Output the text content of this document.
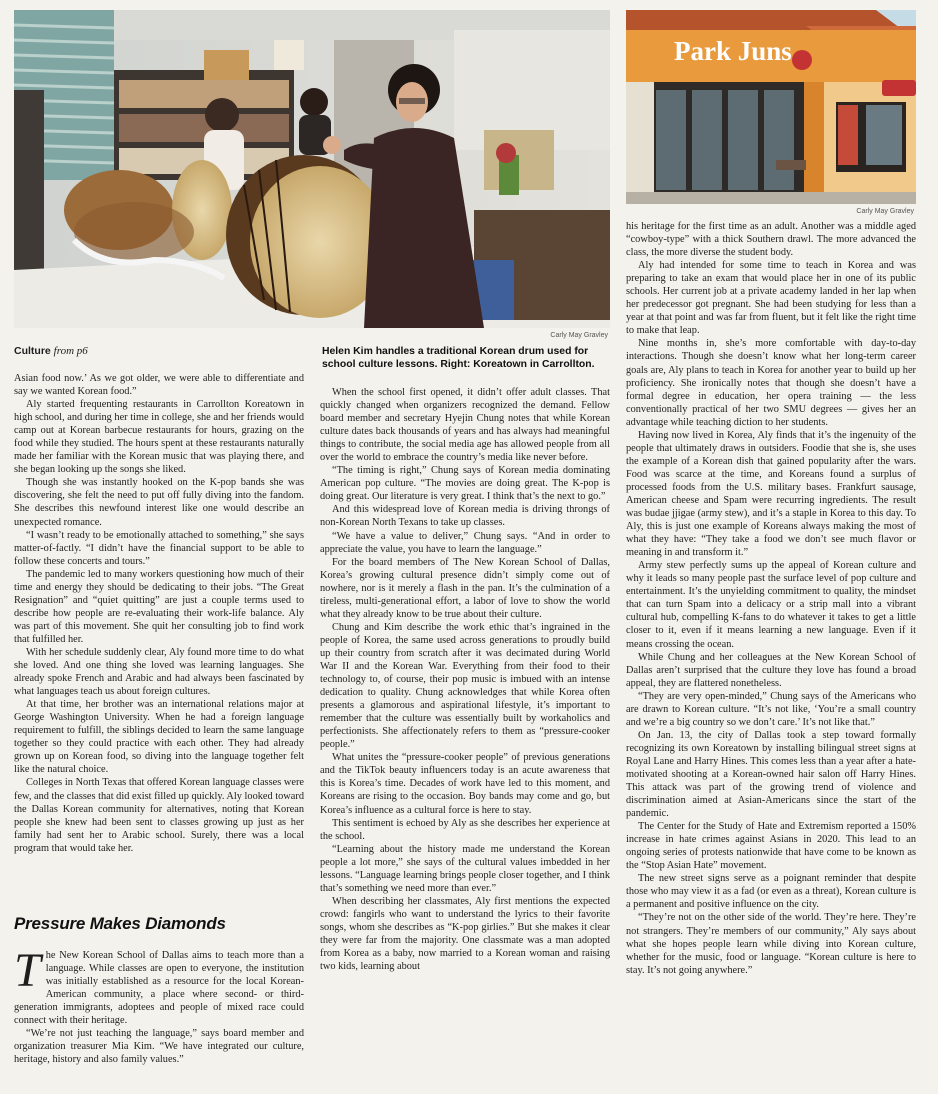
Carly May Gravley
Park Juns
Carly May Gravley
Culture from p6	Helen Kim handles a traditional Korean drum used for school culture lessons. Right: Koreatown in Carrollton.

Asian food now.’ As we got older, we were able to differentiate and say we wanted Korean food.”

Aly started frequenting restaurants in Carrollton Koreatown in high school, and during her time in college, she and her friends would camp out at Korean barbecue restaurants for hours, grazing on the food while they studied. The hours spent at these restaurants naturally made her familiar with the Korean music that was playing there, and she began looking up the songs she liked.

Though she was instantly hooked on the K-pop bands she was discovering, she felt the need to put off fully diving into the fandom. She describes this newfound interest like one would describe an unexpected romance.

“I wasn’t ready to be emotionally attached to something,” she says matter-of-factly. “I didn’t have the financial support to be able to follow these concerts and tours.”

The pandemic led to many workers questioning how much of their time and energy they should be dedicating to their jobs. “The Great Resignation” and “quiet quitting” are just a couple terms used to describe how people are re-evaluating their work-life balance. Aly was part of this movement. She quit her consulting job to find work that fulfilled her.

With her schedule suddenly clear, Aly found more time to do what she loved. And one thing she loved was learning languages. She already spoke French and Arabic and had always been fascinated by what languages teach us about foreign cultures.

At that time, her brother was an international relations major at George Washington University. When he had a foreign language requirement to fulfill, the siblings decided to learn the same language together so they could practice with each other. They had already grown up on Korean food, so diving into the language together felt like the natural choice.

Colleges in North Texas that offered Korean language classes were few, and the classes that did exist filled up quickly. Aly looked toward the Dallas Korean community for alternatives, noting that Korean people she knew had been sent to classes growing up just as her family had sent her to Arabic school. Surely, there was a local program that would take her.

Pressure Makes Diamonds

The New Korean School of Dallas aims to teach more than a language. While classes are open to everyone, the institution was initially established as a resource for the local Korean-American community, a place where second- or third-generation immigrants, adoptees and people of mixed race could connect with their heritage.

“We’re not just teaching the language,” says board member and organization treasurer Mia Kim. “We have integrated our culture, heritage, history and also family values.”

When the school first opened, it didn’t offer adult classes. That quickly changed when organizers recognized the demand. Fellow board member and secretary Hyejin Chung notes that while Korean culture dates back thousands of years and has always had meaningful things to contribute, the social media age has allowed people from all over the world to embrace the country’s media like never before.

“The timing is right,” Chung says of Korean media dominating American pop culture. “The movies are doing great. The K-pop is doing great. Our literature is very great. I think that’s the next to go.”

And this widespread love of Korean media is driving throngs of non-Korean North Texans to take up classes.

“We have a value to deliver,” Chung says. “And in order to appreciate the value, you have to learn the language.”

For the board members of The New Korean School of Dallas, Korea’s growing cultural presence didn’t simply come out of nowhere, nor is it merely a flash in the pan. It’s the culmination of a tireless, multi-generational effort, a labor of love to show the world what they already know to be true about their culture.

Chung and Kim describe the work ethic that’s ingrained in the people of Korea, the same used across generations to proudly build up their country from scratch after it was decimated during World War II and the Korean War. Everything from their food to their technology to, of course, their pop music is imbued with an intense dedication to quality. Chung acknowledges that while Korea often presents a glamorous and aspirational lifestyle, it’s important to remember that the culture was essentially built by workaholics and perfectionists. She affectionately refers to them as “pressure-cooker people.”

What unites the “pressure-cooker people” of previous generations and the TikTok beauty influencers today is an acute awareness that this is Korea’s time. Decades of work have led to this moment, and Koreans are rising to the occasion. Boy bands may come and go, but Korea’s influence as a cultural force is here to stay.

This sentiment is echoed by Aly as she describes her experience at the school.

“Learning about the history made me understand the Korean people a lot more,” she says of the cultural values imbedded in her lessons. “Language learning brings people closer together, and I think that’s something we need more than ever.”

When describing her classmates, Aly first mentions the expected crowd: fangirls who want to understand the lyrics to their favorite songs, whom she describes as “K-pop girlies.” But she makes it clear they were far from the majority. One classmate was a man adopted from Korea as a baby, now married to a Korean woman and raising two kids, learning about

his heritage for the first time as an adult. Another was a middle aged “cowboy-type” with a thick Southern drawl. The more advanced the class, the more diverse the student body.

Aly had intended for some time to teach in Korea and was preparing to take an exam that would place her in one of its public schools. Her current job at a private academy landed in her lap when her predecessor got pregnant. She had been studying for less than a year at that point and was far from fluent, but it felt like the right time to make that leap.

Nine months in, she’s more comfortable with day-to-day interactions. Though she doesn’t know what her long-term career goals are, Aly plans to teach in Korea for another year to build up her proficiency. She ironically notes that though she doesn’t have a formal degree in education, her opera training — the less conventionally practical of her two SMU degrees — gives her an advantage while teaching diction to her students.

Having now lived in Korea, Aly finds that it’s the ingenuity of the people that ultimately draws in outsiders. Foodie that she is, she uses the example of a Korean dish that gained popularity after the wars. Food was scarce at the time, and Koreans found a surplus of processed foods from the U.S. military bases. Frankfurt sausage, American cheese and Spam were recurring ingredients. The result was budae jjigae (army stew), and it’s a staple in Korea to this day. To Aly, this is just one example of Koreans always making the most of what they have: “They take a food we don’t see much flavor or meaning in and transform it.”

Army stew perfectly sums up the appeal of Korean culture and why it leads so many people past the surface level of pop culture and entertainment. It’s the unyielding commitment to quality, the mindset that can turn Spam into a delicacy or a strip mall into a vibrant cultural hub, compelling K-fans to do whatever it takes to get a little closer to it, even if it means learning a new language. Even if it means crossing the ocean.

While Chung and her colleagues at the New Korean School of Dallas aren’t surprised that the culture they love has found a broad appeal, they are flattered nonetheless.

“They are very open-minded,” Chung says of the Americans who are drawn to Korean culture. “It’s not like, ‘You’re a small country and we’re a big country so we don’t care.’ It’s not like that.”

On Jan. 13, the city of Dallas took a step toward formally recognizing its own Koreatown by installing bilingual street signs at Royal Lane and Harry Hines. This comes less than a year after a hate-motivated shooting at a Korean-owned hair salon off Harry Hines. This attack was part of the growing trend of violence and discrimination aimed at Asian-Americans since the start of the pandemic.

The Center for the Study of Hate and Extremism reported a 150% increase in hate crimes against Asians in 2020. This lead to an ongoing series of protests nationwide that have come to be known as the “Stop Asian Hate” movement.

The new street signs serve as a poignant reminder that despite those who may view it as a fad (or even as a threat), Korean culture is a permanent and positive influence on the city.

“They’re not on the other side of the world. They’re here. They’re not strangers. They’re members of our community,” Aly says about what she hopes people learn while diving into Korean culture, whether for the music, food or language. “Korean culture is here to stay. It’s not going anywhere.”
